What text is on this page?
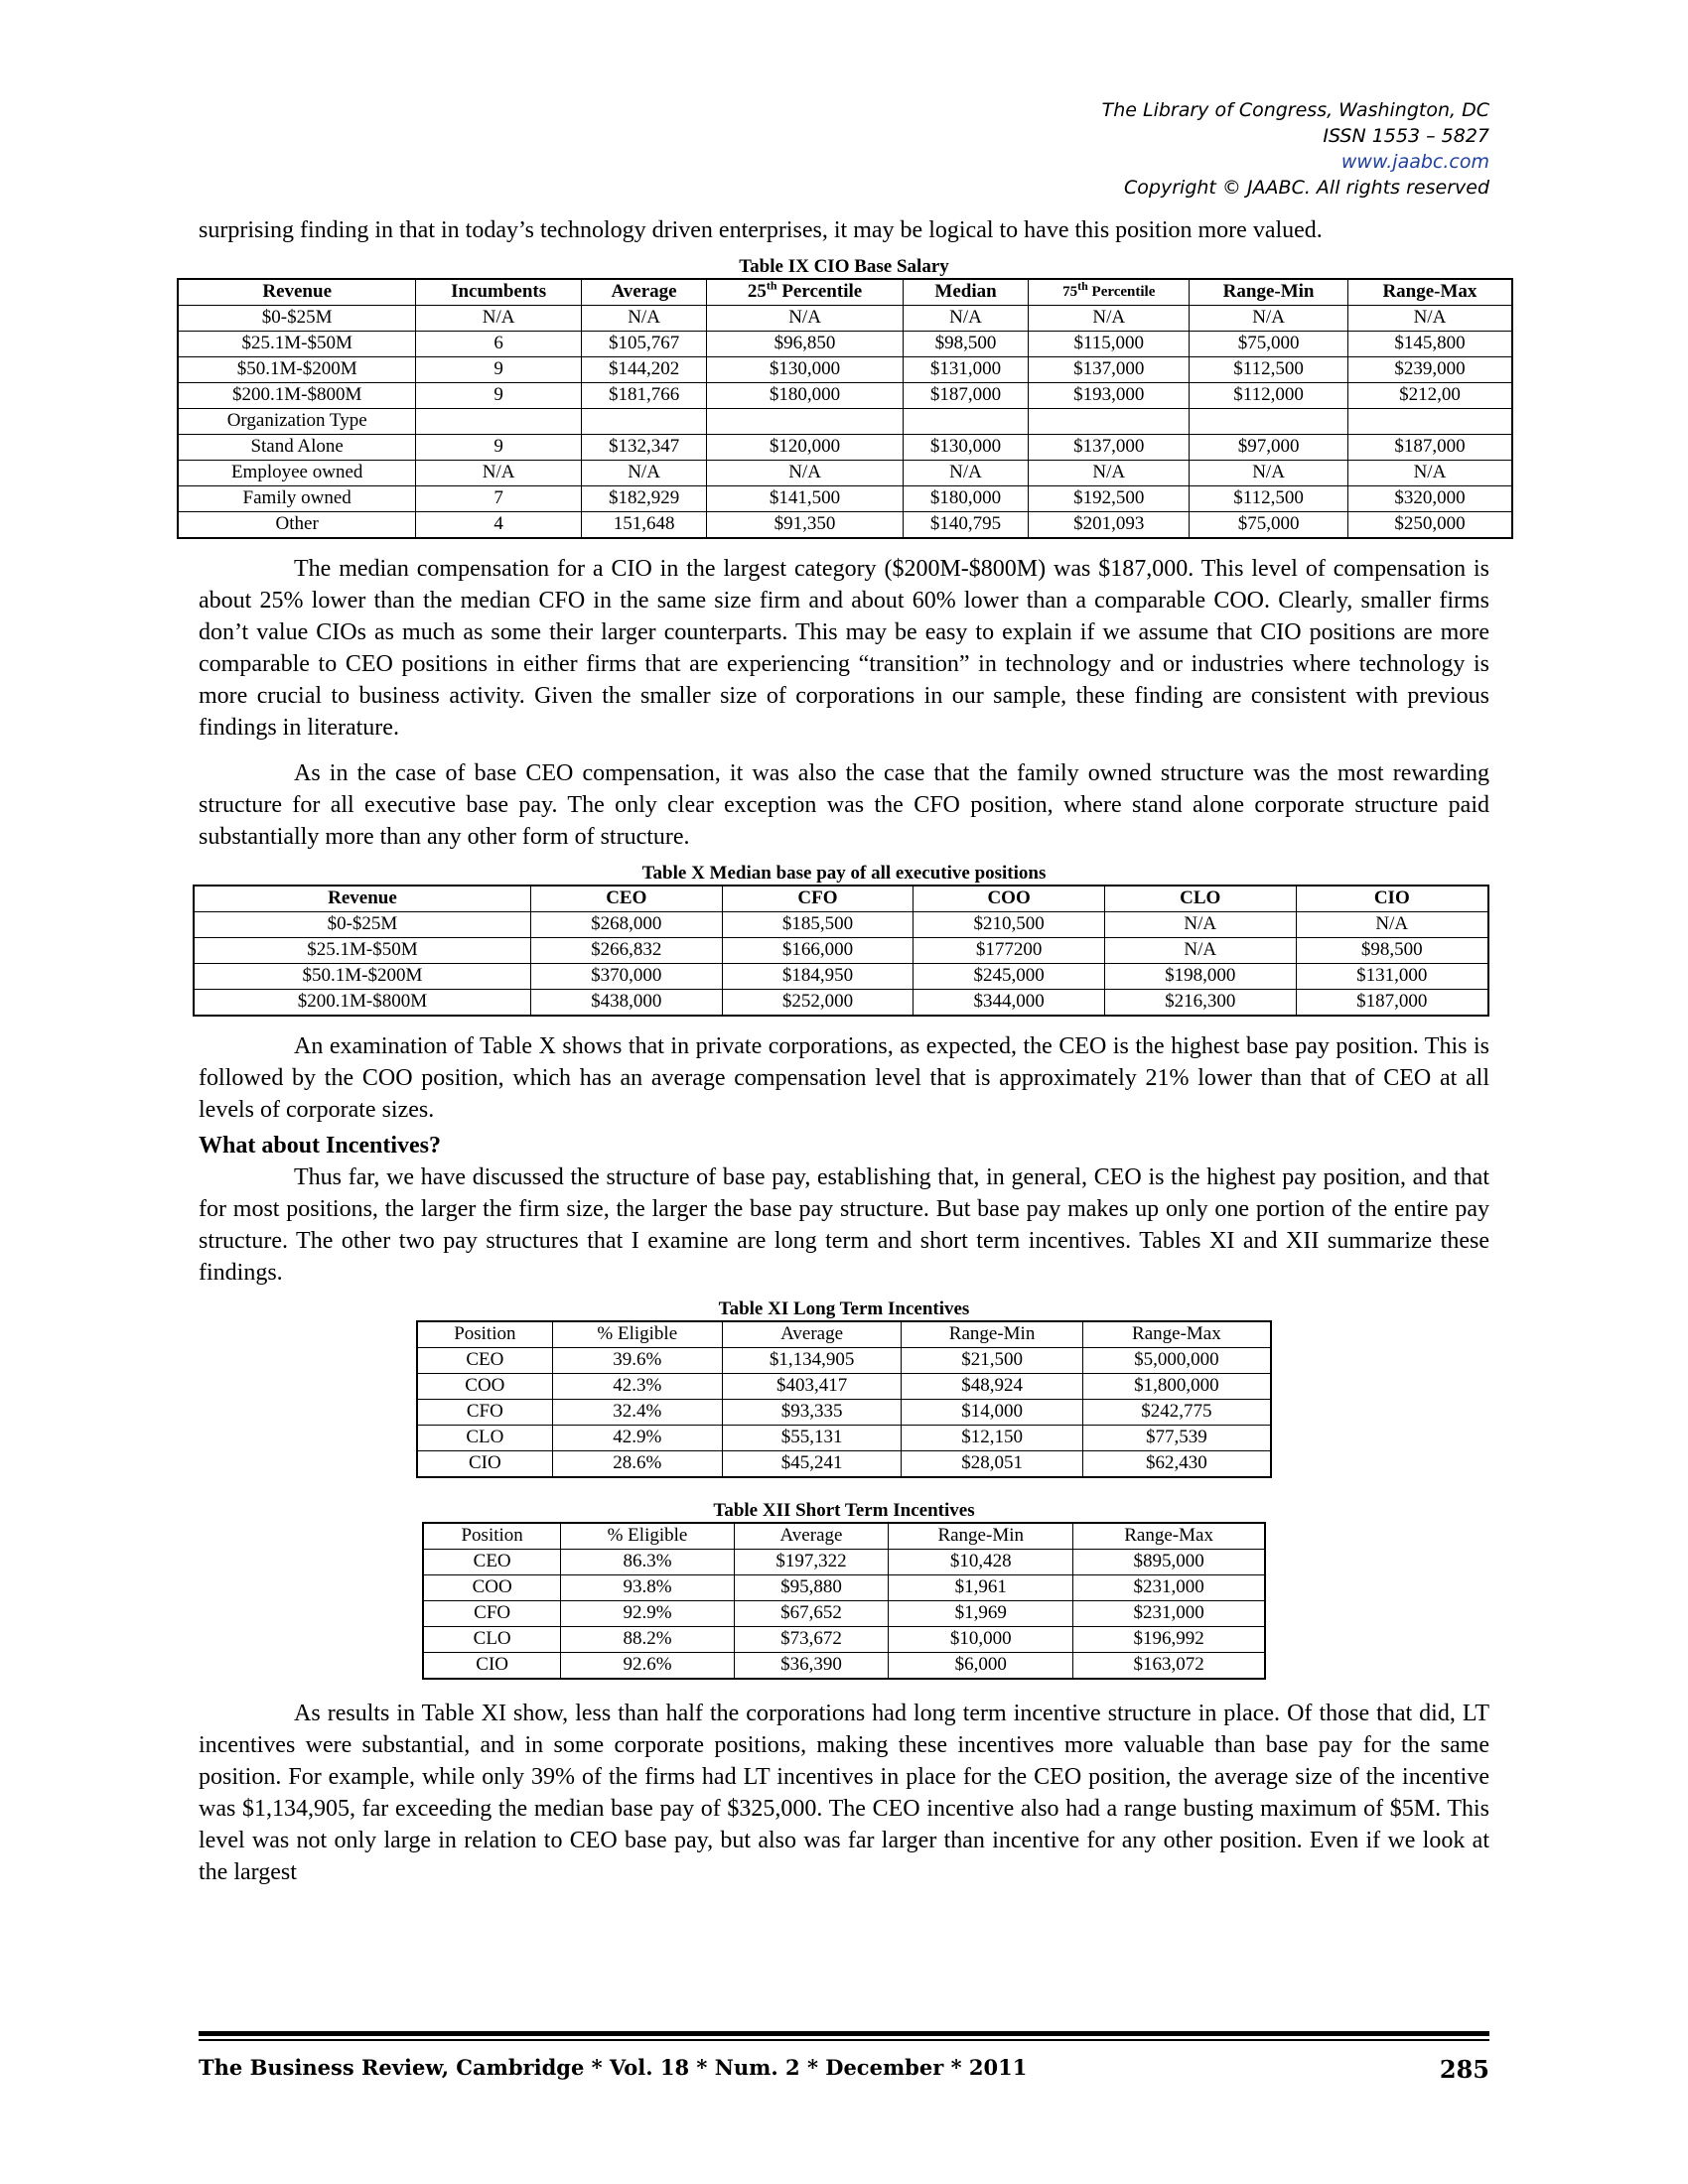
The Library of Congress, Washington, DC
ISSN 1553 – 5827
www.jaabc.com
Copyright © JAABC. All rights reserved

surprising finding in that in today’s technology driven enterprises, it may be logical to have this position more valued.

Table IX CIO Base Salary
Revenue	Incumbents	Average	25th Percentile	Median	75th Percentile	Range-Min	Range-Max
$0-$25M	N/A	N/A	N/A	N/A	N/A	N/A	N/A
$25.1M-$50M	6	$105,767	$96,850	$98,500	$115,000	$75,000	$145,800
$50.1M-$200M	9	$144,202	$130,000	$131,000	$137,000	$112,500	$239,000
$200.1M-$800M	9	$181,766	$180,000	$187,000	$193,000	$112,000	$212,00
Organization Type							
Stand Alone	9	$132,347	$120,000	$130,000	$137,000	$97,000	$187,000
Employee owned	N/A	N/A	N/A	N/A	N/A	N/A	N/A
Family owned	7	$182,929	$141,500	$180,000	$192,500	$112,500	$320,000
Other	4	151,648	$91,350	$140,795	$201,093	$75,000	$250,000

The median compensation for a CIO in the largest category ($200M-$800M) was $187,000. This level of compensation is about 25% lower than the median CFO in the same size firm and about 60% lower than a comparable COO. Clearly, smaller firms don’t value CIOs as much as some their larger counterparts. This may be easy to explain if we assume that CIO positions are more comparable to CEO positions in either firms that are experiencing “transition” in technology and or industries where technology is more crucial to business activity. Given the smaller size of corporations in our sample, these finding are consistent with previous findings in literature.

As in the case of base CEO compensation, it was also the case that the family owned structure was the most rewarding structure for all executive base pay. The only clear exception was the CFO position, where stand alone corporate structure paid substantially more than any other form of structure.

Table X Median base pay of all executive positions
Revenue	CEO	CFO	COO	CLO	CIO
$0-$25M	$268,000	$185,500	$210,500	N/A	N/A
$25.1M-$50M	$266,832	$166,000	$177200	N/A	$98,500
$50.1M-$200M	$370,000	$184,950	$245,000	$198,000	$131,000
$200.1M-$800M	$438,000	$252,000	$344,000	$216,300	$187,000

An examination of Table X shows that in private corporations, as expected, the CEO is the highest base pay position. This is followed by the COO position, which has an average compensation level that is approximately 21% lower than that of CEO at all levels of corporate sizes.

What about Incentives?

Thus far, we have discussed the structure of base pay, establishing that, in general, CEO is the highest pay position, and that for most positions, the larger the firm size, the larger the base pay structure. But base pay makes up only one portion of the entire pay structure. The other two pay structures that I examine are long term and short term incentives. Tables XI and XII summarize these findings.

Table XI Long Term Incentives
Position	% Eligible	Average	Range-Min	Range-Max
CEO	39.6%	$1,134,905	$21,500	$5,000,000
COO	42.3%	$403,417	$48,924	$1,800,000
CFO	32.4%	$93,335	$14,000	$242,775
CLO	42.9%	$55,131	$12,150	$77,539
CIO	28.6%	$45,241	$28,051	$62,430
Table XII Short Term Incentives
Position	% Eligible	Average	Range-Min	Range-Max
CEO	86.3%	$197,322	$10,428	$895,000
COO	93.8%	$95,880	$1,961	$231,000
CFO	92.9%	$67,652	$1,969	$231,000
CLO	88.2%	$73,672	$10,000	$196,992
CIO	92.6%	$36,390	$6,000	$163,072

As results in Table XI show, less than half the corporations had long term incentive structure in place. Of those that did, LT incentives were substantial, and in some corporate positions, making these incentives more valuable than base pay for the same position. For example, while only 39% of the firms had LT incentives in place for the CEO position, the average size of the incentive was $1,134,905, far exceeding the median base pay of $325,000. The CEO incentive also had a range busting maximum of $5M. This level was not only large in relation to CEO base pay, but also was far larger than incentive for any other position. Even if we look at the largest

The Business Review, Cambridge * Vol. 18 * Num. 2 * December * 2011	285
